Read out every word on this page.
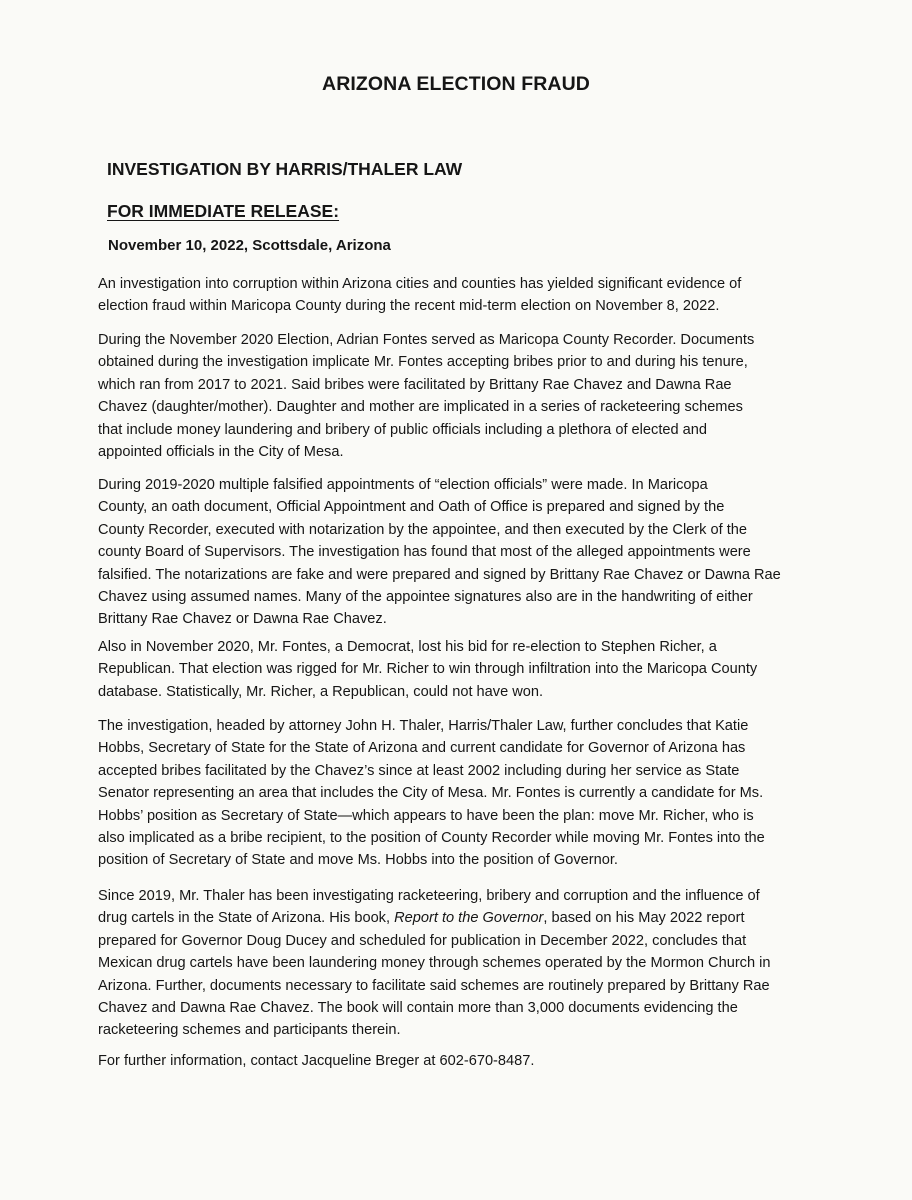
ARIZONA ELECTION FRAUD
INVESTIGATION BY HARRIS/THALER LAW
FOR IMMEDIATE RELEASE:
November 10, 2022, Scottsdale, Arizona

An investigation into corruption within Arizona cities and counties has yielded significant evidence of
election fraud within Maricopa County during the recent mid-term election on November 8, 2022.

During the November 2020 Election, Adrian Fontes served as Maricopa County Recorder. Documents
obtained during the investigation implicate Mr. Fontes accepting bribes prior to and during his tenure,
which ran from 2017 to 2021. Said bribes were facilitated by Brittany Rae Chavez and Dawna Rae
Chavez (daughter/mother). Daughter and mother are implicated in a series of racketeering schemes
that include money laundering and bribery of public officials including a plethora of elected and
appointed officials in the City of Mesa.

During 2019-2020 multiple falsified appointments of “election officials” were made. In Maricopa
County, an oath document, Official Appointment and Oath of Office is prepared and signed by the
County Recorder, executed with notarization by the appointee, and then executed by the Clerk of the
county Board of Supervisors. The investigation has found that most of the alleged appointments were
falsified. The notarizations are fake and were prepared and signed by Brittany Rae Chavez or Dawna Rae
Chavez using assumed names. Many of the appointee signatures also are in the handwriting of either
Brittany Rae Chavez or Dawna Rae Chavez.

Also in November 2020, Mr. Fontes, a Democrat, lost his bid for re-election to Stephen Richer, a
Republican. That election was rigged for Mr. Richer to win through infiltration into the Maricopa County
database. Statistically, Mr. Richer, a Republican, could not have won.

The investigation, headed by attorney John H. Thaler, Harris/Thaler Law, further concludes that Katie
Hobbs, Secretary of State for the State of Arizona and current candidate for Governor of Arizona has
accepted bribes facilitated by the Chavez’s since at least 2002 including during her service as State
Senator representing an area that includes the City of Mesa. Mr. Fontes is currently a candidate for Ms.
Hobbs’ position as Secretary of State—which appears to have been the plan: move Mr. Richer, who is
also implicated as a bribe recipient, to the position of County Recorder while moving Mr. Fontes into the
position of Secretary of State and move Ms. Hobbs into the position of Governor.

Since 2019, Mr. Thaler has been investigating racketeering, bribery and corruption and the influence of
drug cartels in the State of Arizona. His book, Report to the Governor, based on his May 2022 report
prepared for Governor Doug Ducey and scheduled for publication in December 2022, concludes that
Mexican drug cartels have been laundering money through schemes operated by the Mormon Church in
Arizona. Further, documents necessary to facilitate said schemes are routinely prepared by Brittany Rae
Chavez and Dawna Rae Chavez. The book will contain more than 3,000 documents evidencing the
racketeering schemes and participants therein.

For further information, contact Jacqueline Breger at 602-670-8487.
